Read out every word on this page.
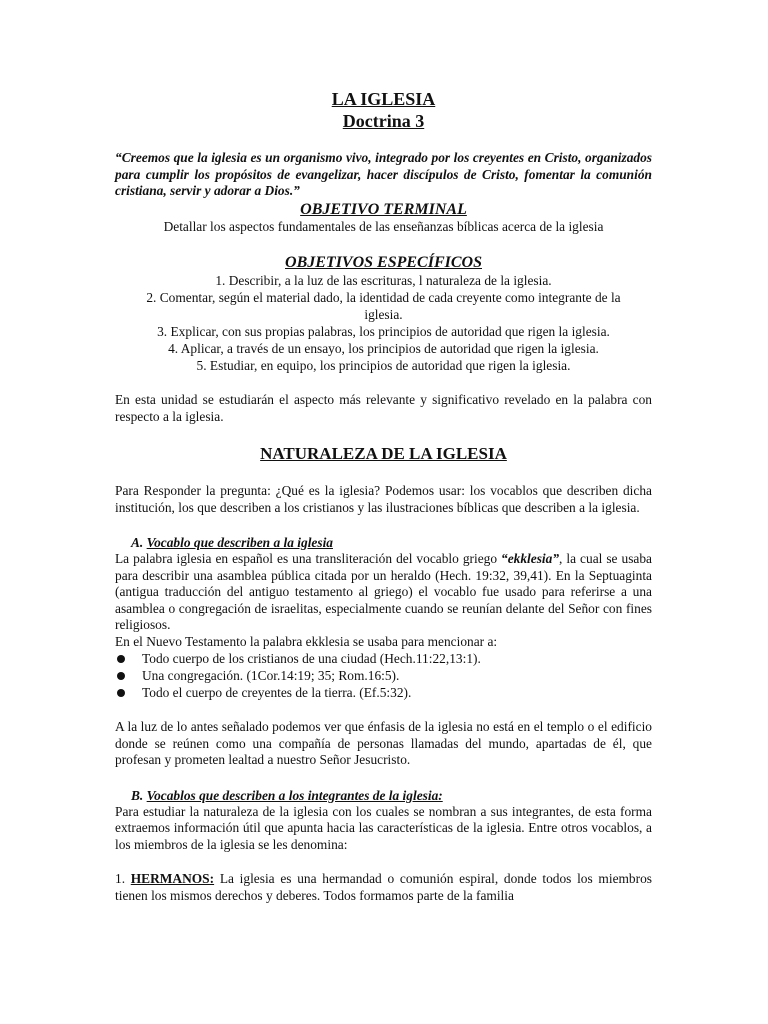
LA IGLESIA
Doctrina 3

“Creemos que la iglesia es un organismo vivo, integrado por los creyentes en Cristo, organizados para cumplir los propósitos de evangelizar, hacer discípulos de Cristo, fomentar la comunión cristiana, servir y adorar a Dios.”

OBJETIVO TERMINAL

Detallar los aspectos fundamentales de las enseñanzas bíblicas acerca de la iglesia

OBJETIVOS ESPECÍFICOS

1. Describir, a la luz de las escrituras, l naturaleza de la iglesia.
2. Comentar, según el material dado, la identidad de cada creyente como integrante de la iglesia.
3. Explicar, con sus propias palabras, los principios de autoridad que rigen la iglesia.
4. Aplicar, a través de un ensayo, los principios de autoridad que rigen la iglesia.
5. Estudiar, en equipo, los principios de autoridad que rigen la iglesia.

En esta unidad se estudiarán el aspecto más relevante y significativo revelado en la palabra con respecto a la iglesia.

NATURALEZA DE LA IGLESIA

Para Responder la pregunta: ¿Qué es la iglesia? Podemos usar: los vocablos que describen dicha institución, los que describen a los cristianos y las ilustraciones bíblicas que describen a la iglesia.

A. Vocablo que describen a la iglesia

La palabra iglesia en español es una transliteración del vocablo griego “ekklesia”, la cual se usaba para describir una asamblea pública citada por un heraldo (Hech. 19:32, 39,41). En la Septuaginta (antigua traducción del antiguo testamento al griego) el vocablo fue usado para referirse a una asamblea o congregación de israelitas, especialmente cuando se reunían delante del Señor con fines religiosos.

En el Nuevo Testamento la palabra ekklesia se usaba para mencionar a:

Todo cuerpo de los cristianos de una ciudad (Hech.11:22,13:1).
Una congregación. (1Cor.14:19; 35; Rom.16:5).
Todo el cuerpo de creyentes de la tierra. (Ef.5:32).

A la luz de lo antes señalado podemos ver que énfasis de la iglesia no está en el templo o el edificio donde se reúnen como una compañía de personas llamadas del mundo, apartadas de él, que profesan y prometen lealtad a nuestro Señor Jesucristo.

B. Vocablos que describen a los integrantes de la iglesia:

Para estudiar la naturaleza de la iglesia con los cuales se nombran a sus integrantes, de esta forma extraemos información útil que apunta hacia las características de la iglesia. Entre otros vocablos, a los miembros de la iglesia se les denomina:

1. HERMANOS: La iglesia es una hermandad o comunión espiral, donde todos los miembros tienen los mismos derechos y deberes. Todos formamos parte de la familia
